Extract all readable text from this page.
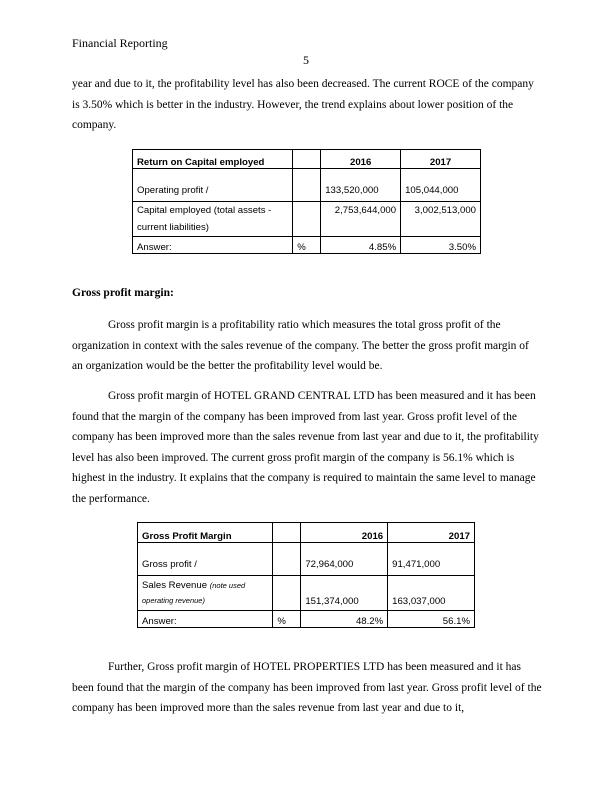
Financial Reporting
5

year and due to it, the profitability level has also been decreased. The current ROCE of the company is 3.50% which is better in the industry. However, the trend explains about lower position of the company.

Return on Capital employed		2016	2017
Operating profit /		133,520,000	105,044,000
Capital employed (total assets - current liabilities)		2,753,644,000	3,002,513,000
Answer:	%	4.85%	3.50%
Gross profit margin:

Gross profit margin is a profitability ratio which measures the total gross profit of the organization in context with the sales revenue of the company. The better the gross profit margin of an organization would be the better the profitability level would be.

Gross profit margin of HOTEL GRAND CENTRAL LTD has been measured and it has been found that the margin of the company has been improved from last year. Gross profit level of the company has been improved more than the sales revenue from last year and due to it, the profitability level has also been improved. The current gross profit margin of the company is 56.1% which is highest in the industry. It explains that the company is required to maintain the same level to manage the performance.

Gross Profit Margin		2016	2017
Gross profit /		72,964,000	91,471,000
Sales Revenue (note used operating revenue)		151,374,000	163,037,000
Answer:	%	48.2%	56.1%

Further, Gross profit margin of HOTEL PROPERTIES LTD has been measured and it has been found that the margin of the company has been improved from last year. Gross profit level of the company has been improved more than the sales revenue from last year and due to it,
